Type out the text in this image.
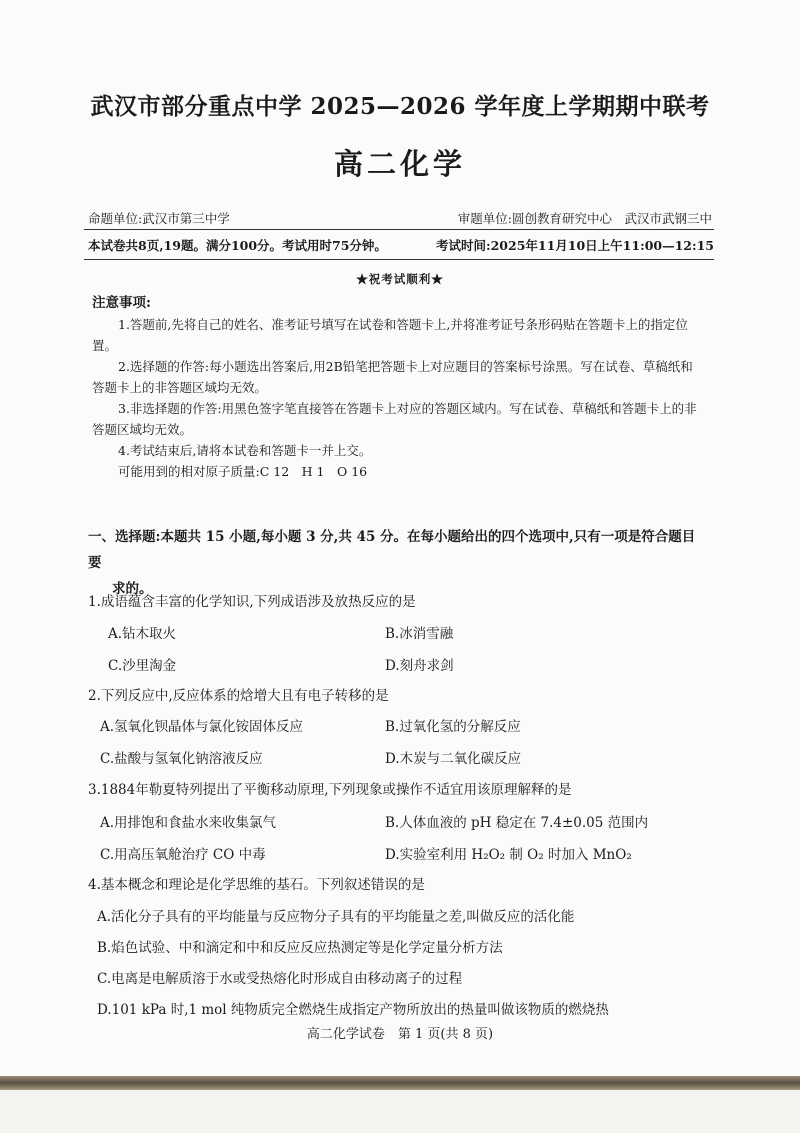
武汉市部分重点中学 2025—2026 学年度上学期期中联考
高二化学
命题单位:武汉市第三中学	审题单位:圆创教育研究中心　武汉市武钢三中
本试卷共8页,19题。满分100分。考试用时75分钟。	考试时间:2025年11月10日上午11:00—12:15
★祝考试顺利★
注意事项:

1.答题前,先将自己的姓名、准考证号填写在试卷和答题卡上,并将准考证号条形码贴在答题卡上的指定位置。

2.选择题的作答:每小题选出答案后,用2B铅笔把答题卡上对应题目的答案标号涂黑。写在试卷、草稿纸和答题卡上的非答题区域均无效。

3.非选择题的作答:用黑色签字笔直接答在答题卡上对应的答题区域内。写在试卷、草稿纸和答题卡上的非答题区域均无效。

4.考试结束后,请将本试卷和答题卡一并上交。

可能用到的相对原子质量:C 12　H 1　O 16

一、选择题:本题共 15 小题,每小题 3 分,共 45 分。在每小题给出的四个选项中,只有一项是符合题目要
求的。
1.成语蕴含丰富的化学知识,下列成语涉及放热反应的是
A.钻木取火	B.冰消雪融
C.沙里淘金	D.刻舟求剑
2.下列反应中,反应体系的焓增大且有电子转移的是
A.氢氧化钡晶体与氯化铵固体反应	B.过氧化氢的分解反应
C.盐酸与氢氧化钠溶液反应	D.木炭与二氧化碳反应
3.1884年勒夏特列提出了平衡移动原理,下列现象或操作不适宜用该原理解释的是
A.用排饱和食盐水来收集氯气	B.人体血液的 pH 稳定在 7.4±0.05 范围内
C.用高压氧舱治疗 CO 中毒	D.实验室利用 H₂O₂ 制 O₂ 时加入 MnO₂
4.基本概念和理论是化学思维的基石。下列叙述错误的是
A.活化分子具有的平均能量与反应物分子具有的平均能量之差,叫做反应的活化能
B.焰色试验、中和滴定和中和反应反应热测定等是化学定量分析方法
C.电离是电解质溶于水或受热熔化时形成自由移动离子的过程
D.101 kPa 时,1 mol 纯物质完全燃烧生成指定产物所放出的热量叫做该物质的燃烧热
高二化学试卷　第 1 页(共 8 页)
